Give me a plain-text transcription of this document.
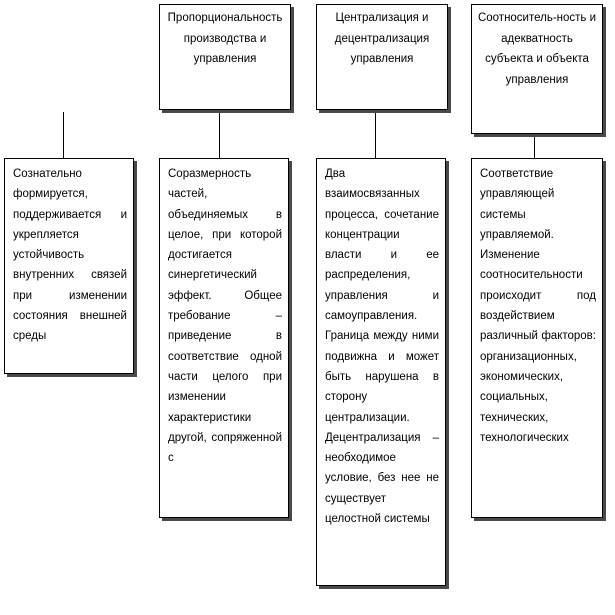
Пропорциональность производства и управления
Централизация и децентрализация управления
Соотноситель-ность и адекватность субъекта и объекта управления
Сознательно формируется, поддерживается и укрепляется устойчивость внутренних связей при изменении состояния внешней среды
Соразмерность частей, объединяемых в целое, при которой достигается синергетический эффект. Общее требование – приведение в соответствие одной части целого при изменении характеристики другой, сопряженной с
Два взаимосвязанных процесса, сочетание концентрации власти и ее распределения, управления и самоуправления. Граница между ними подвижна и может быть нарушена в сторону централизации. Децентрализация – необходимое условие, без нее не существует целостной системы
Соответствие управляющей системы управляемой. Изменение соотносительности происходит под воздействием различный факторов: организационных, экономических, социальных, технических, технологических
